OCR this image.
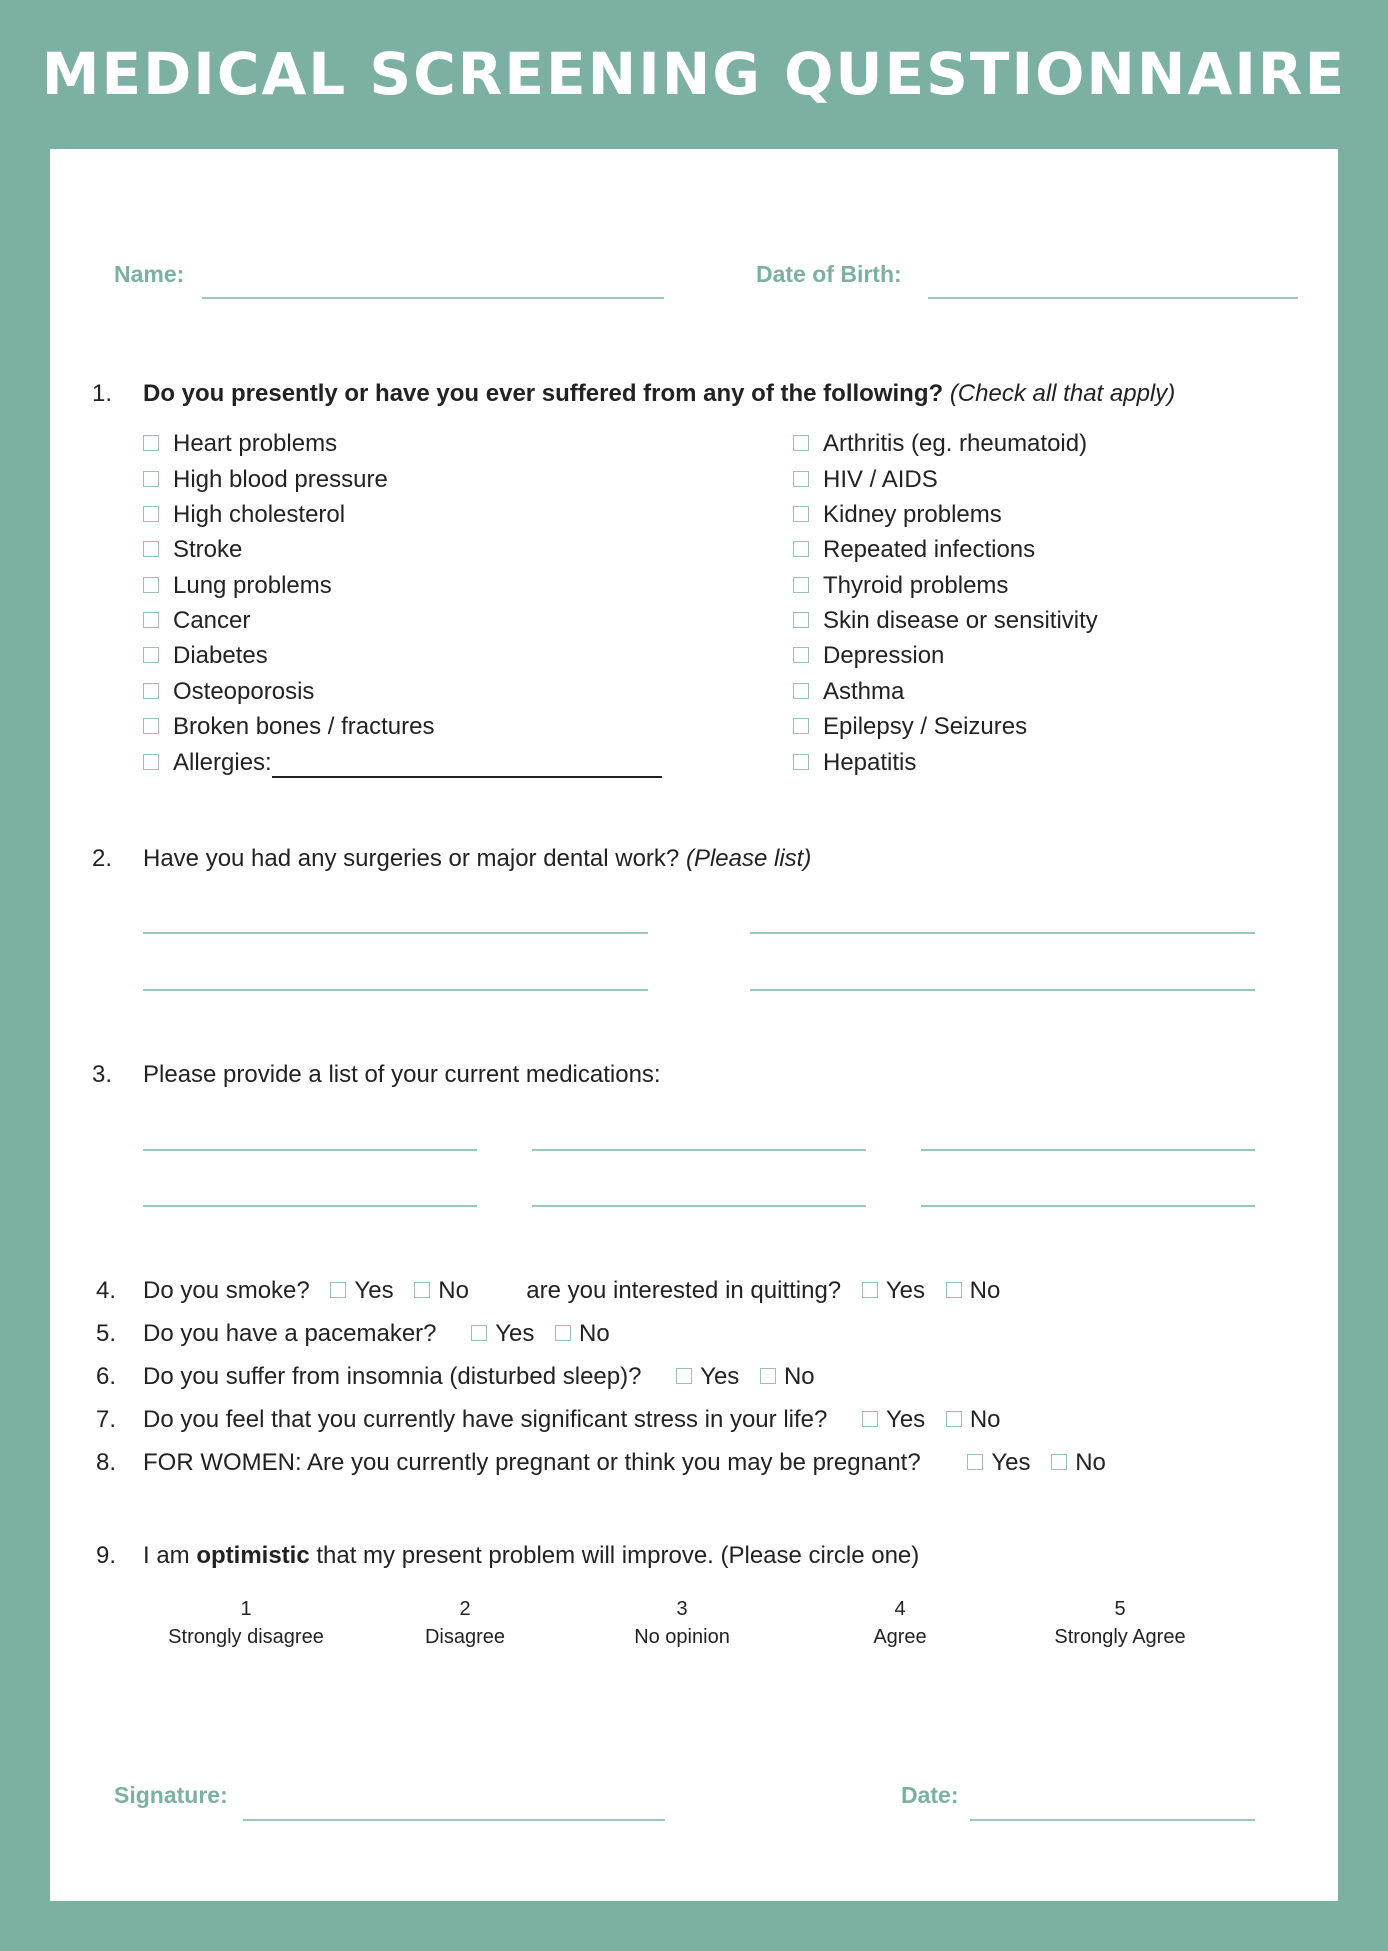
MEDICAL SCREENING QUESTIONNAIRE
Name:	Date of Birth:
1. Do you presently or have you ever suffered from any of the following? (Check all that apply)
Heart problems
High blood pressure
High cholesterol
Stroke
Lung problems
Cancer
Diabetes
Osteoporosis
Broken bones / fractures
Allergies:
Arthritis (eg. rheumatoid)
HIV / AIDS
Kidney problems
Repeated infections
Thyroid problems
Skin disease or sensitivity
Depression
Asthma
Epilepsy / Seizures
Hepatitis
2. Have you had any surgeries or major dental work? (Please list)
3. Please provide a list of your current medications:
4. Do you smoke? Yes No are you interested in quitting? Yes No
5. Do you have a pacemaker? Yes No
6. Do you suffer from insomnia (disturbed sleep)? Yes No
7. Do you feel that you currently have significant stress in your life? Yes No
8. FOR WOMEN: Are you currently pregnant or think you may be pregnant?	Yes No
9. I am optimistic that my present problem will improve. (Please circle one)
1
Strongly disagree
2
Disagree
3
No opinion
4
Agree
5
Strongly Agree
Signature:	Date:
